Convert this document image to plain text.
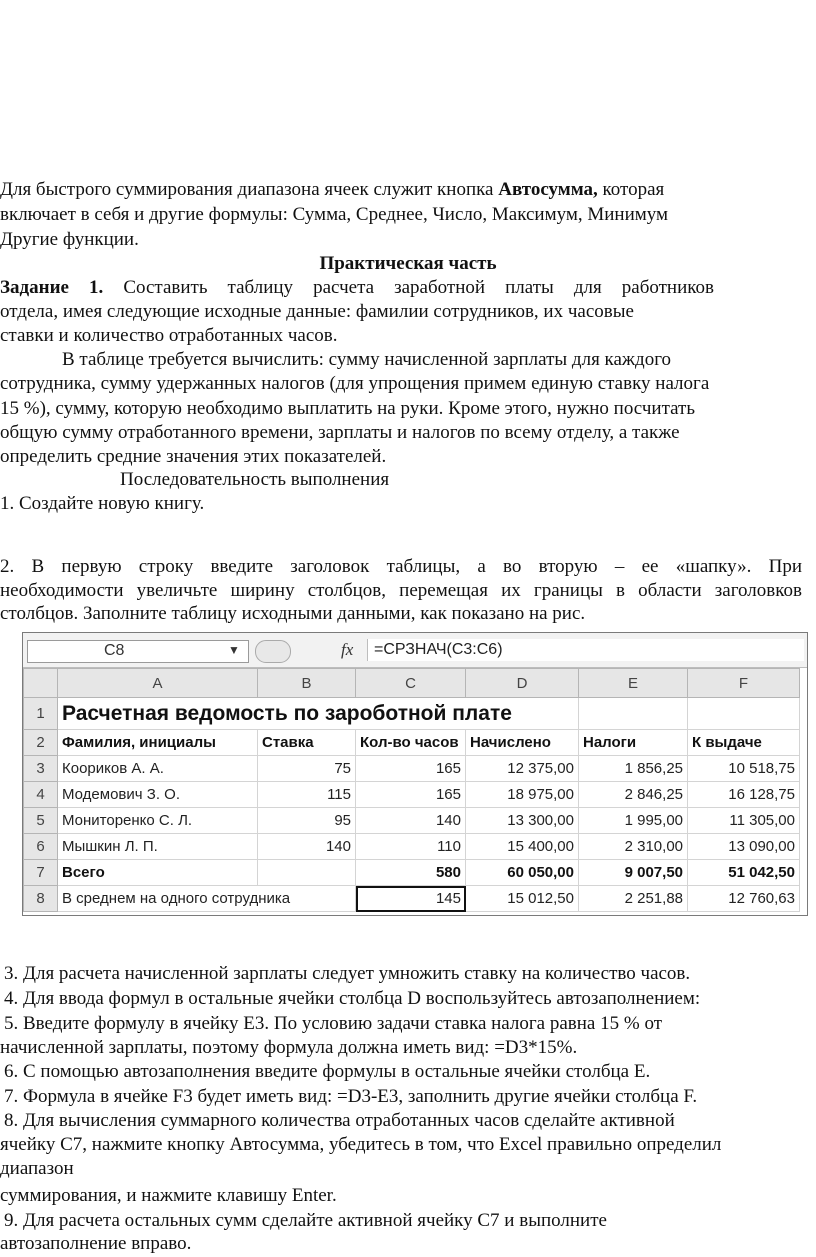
Для быстрого суммирования диапазона ячеек служит кнопка Автосумма, которая
включает в себя и другие формулы: Сумма, Среднее, Число, Максимум, Минимум
Другие функции.
Практическая часть
Задание 1. Составить таблицу расчета заработной платы для работников
отдела, имея следующие исходные данные: фамилии сотрудников, их часовые
ставки и количество отработанных часов.
В таблице требуется вычислить: сумму начисленной зарплаты для каждого
сотрудника, сумму удержанных налогов (для упрощения примем единую ставку налога
15 %), сумму, которую необходимо выплатить на руки. Кроме этого, нужно посчитать
общую сумму отработанного времени, зарплаты и налогов по всему отделу, а также
определить средние значения этих показателей.
Последовательность выполнения
1. Создайте новую книгу.
2. В первую строку введите заголовок таблицы, а во вторую – ее «шапку». При
необходимости увеличьте ширину столбцов, перемещая их границы в области заголовков
столбцов. Заполните таблицу исходными данными, как показано на рис.
C8	▼	fx =СРЗНАЧ(C3:C6)
	A	B	C	D	E	F
1	Расчетная ведомость по зароботной плате					
2	Фамилия, инициалы	Ставка	Кол-во часов	Начислено	Налоги	К выдаче
3	Коориков А. А.	75	165	12 375,00	1 856,25	10 518,75
4	Модемович З. О.	115	165	18 975,00	2 846,25	16 128,75
5	Мониторенко С. Л.	95	140	13 300,00	1 995,00	11 305,00
6	Мышкин Л. П.	140	110	15 400,00	2 310,00	13 090,00
7	Всего		580	60 050,00	9 007,50	51 042,50
8	В среднем на одного сотрудника		145	15 012,50	2 251,88	12 760,63
3. Для расчета начисленной зарплаты следует умножить ставку на количество часов.
4. Для ввода формул в остальные ячейки столбца D воспользуйтесь автозаполнением:
5. Введите формулу в ячейку E3. По условию задачи ставка налога равна 15 % от
начисленной зарплаты, поэтому формула должна иметь вид: =D3*15%.
6. С помощью автозаполнения введите формулы в остальные ячейки столбца E.
7. Формула в ячейке F3 будет иметь вид: =D3-E3, заполнить другие ячейки столбца F.
8. Для вычисления суммарного количества отработанных часов сделайте активной
ячейку C7, нажмите кнопку Автосумма, убедитесь в том, что Excel правильно определил
диапазон
суммирования, и нажмите клавишу Enter.
9. Для расчета остальных сумм сделайте активной ячейку C7 и выполните
автозаполнение вправо.
